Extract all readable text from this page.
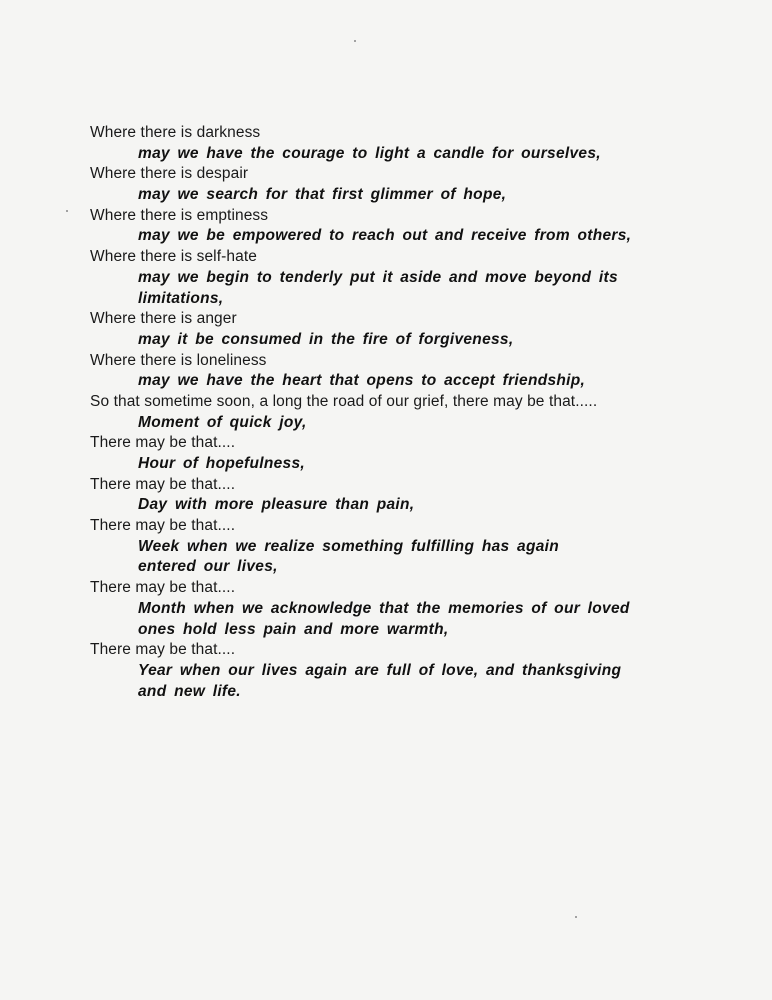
Where there is darkness
may we have the courage to light a candle for ourselves,
Where there is despair
may we search for that first glimmer of hope,
Where there is emptiness
may we be empowered to reach out and receive from others,
Where there is self-hate
may we begin to tenderly put it aside and move beyond its
limitations,
Where there is anger
may it be consumed in the fire of forgiveness,
Where there is loneliness
may we have the heart that opens to accept friendship,
So that sometime soon, a long the road of our grief, there may be that.....
Moment of quick joy,
There may be that....
Hour of hopefulness,
There may be that....
Day with more pleasure than pain,
There may be that....
Week when we realize something fulfilling has again
entered our lives,
There may be that....
Month when we acknowledge that the memories of our loved
ones hold less pain and more warmth,
There may be that....
Year when our lives again are full of love, and thanksgiving
and new life.
